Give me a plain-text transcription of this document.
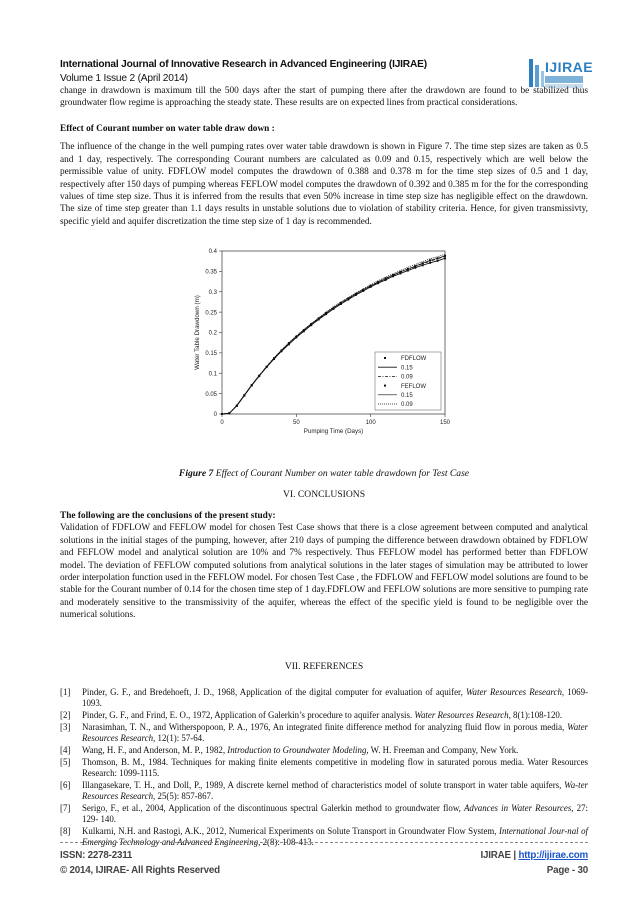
International Journal of Innovative Research in Advanced Engineering (IJIRAE)
Volume 1 Issue 2 (April 2014)
IJIRAE
change in drawdown is maximum till the 500 days after the start of pumping there after the drawdown are found to be stabilized thus groundwater flow regime is approaching the steady state. These results are on expected lines from practical considerations.
Effect of Courant number on water table draw down :
The influence of the change in the well pumping rates over water table drawdown is shown in Figure 7. The time step sizes are taken as 0.5 and 1 day, respectively. The corresponding Courant numbers are calculated as 0.09 and 0.15, respectively which are well below the permissible value of unity. FDFLOW model computes the drawdown of 0.388 and 0.378 m for the time step sizes of 0.5 and 1 day, respectively after 150 days of pumping whereas FEFLOW model computes the drawdown of 0.392 and 0.385 m for the for the corresponding values of time step size. Thus it is inferred from the results that even 50% increase in time step size has negligible effect on the drawdown. The size of time step greater than 1.1 days results in unstable solutions due to violation of stability criteria. Hence, for given transmissivty, specific yield and aquifer discretization the time step size of 1 day is recommended.
0
0.05
0.1
0.15
0.2
0.25
0.3
0.35
0.4
0	50	100	150
Pumping Time (Days)
Water Table Drawdown (m)	FDFLOW
0.15
0.09
FEFLOW
0.15
0.09
Figure 7 Effect of Courant Number on water table drawdown for Test Case
VI. CONCLUSIONS
The following are the conclusions of the present study:
Validation of FDFLOW and FEFLOW model for chosen Test Case shows that there is a close agreement between computed and analytical solutions in the initial stages of the pumping, however, after 210 days of pumping the difference between drawdown obtained by FDFLOW and FEFLOW model and analytical solution are 10% and 7% respectively. Thus FEFLOW model has performed better than FDFLOW model. The deviation of FEFLOW computed solutions from analytical solutions in the later stages of simulation may be attributed to lower order interpolation function used in the FEFLOW model. For chosen Test Case , the FDFLOW and FEFLOW model solutions are found to be stable for the Courant number of 0.14 for the chosen time step of 1 day.FDFLOW and FEFLOW solutions are more sensitive to pumping rate and moderately sensitive to the transmissivity of the aquifer, whereas the effect of the specific yield is found to be negligible over the numerical solutions.
VII. REFERENCES
[1]	Pinder, G. F., and Bredehoeft, J. D., 1968, Application of the digital computer for evaluation of aquifer, Water Resources Research, 1069-1093.
[2]	Pinder, G. F., and Frind, E. O., 1972, Application of Galerkin’s procedure to aquifer analysis. Water Resources Research, 8(1):108-120.
[3]	Narasimhan, T. N., and Witherspopoon, P. A., 1976, An integrated finite difference method for analyzing fluid flow in porous media, Water Resources Research, 12(1): 57-64.
[4]	Wang, H. F., and Anderson, M. P., 1982, Introduction to Groundwater Modeling, W. H. Freeman and Company, New York.
[5]	Thomson, B. M., 1984. Techniques for making finite elements competitive in modeling flow in saturated porous media. Water Resources Research: 1099-1115.
[6]	Illangasekare, T. H., and Doll, P., 1989, A discrete kernel method of characteristics model of solute transport in water table aquifers, Wa-ter Resources Research, 25(5): 857-867.
[7]	Serigo, F., et al., 2004, Application of the discontinuous spectral Galerkin method to groundwater flow, Advances in Water Resources, 27: 129- 140.
[8]	Kulkarni, N.H. and Rastogi, A.K., 2012, Numerical Experiments on Solute Transport in Groundwater Flow System, International Jour-nal of Emerging Technology and Advanced Engineering, 2(8): 108-413.
ISSN: 2278-2311
© 2014, IJIRAE- All Rights Reserved
IJIRAE | http://ijirae.com
Page - 30
